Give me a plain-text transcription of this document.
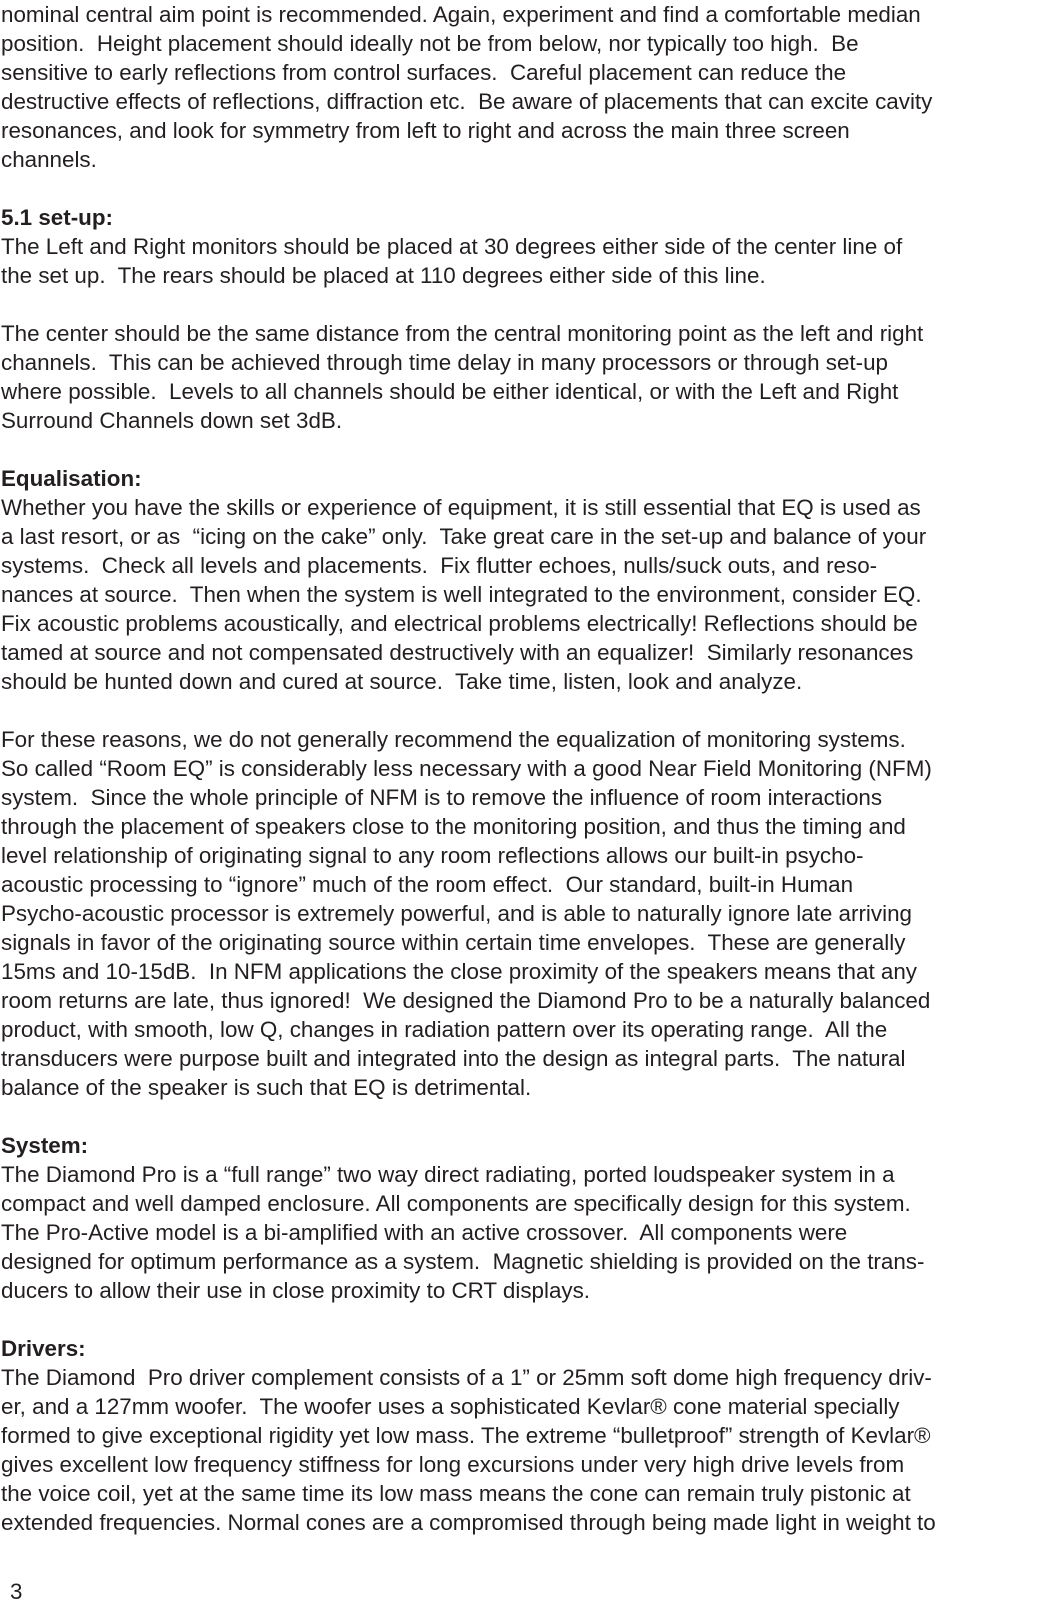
nominal central aim point is recommended. Again, experiment and find a comfortable median
position.  Height placement should ideally not be from below, nor typically too high.  Be
sensitive to early reflections from control surfaces.  Careful placement can reduce the
destructive effects of reflections, diffraction etc.  Be aware of placements that can excite cavity
resonances, and look for symmetry from left to right and across the main three screen
channels.
5.1 set-up:
The Left and Right monitors should be placed at 30 degrees either side of the center line of
the set up.  The rears should be placed at 110 degrees either side of this line.
The center should be the same distance from the central monitoring point as the left and right
channels.  This can be achieved through time delay in many processors or through set-up
where possible.  Levels to all channels should be either identical, or with the Left and Right
Surround Channels down set 3dB.
Equalisation:
Whether you have the skills or experience of equipment, it is still essential that EQ is used as
a last resort, or as  “icing on the cake” only.  Take great care in the set-up and balance of your
systems.  Check all levels and placements.  Fix flutter echoes, nulls/suck outs, and reso-
nances at source.  Then when the system is well integrated to the environment, consider EQ.
Fix acoustic problems acoustically, and electrical problems electrically! Reflections should be
tamed at source and not compensated destructively with an equalizer!  Similarly resonances
should be hunted down and cured at source.  Take time, listen, look and analyze.
For these reasons, we do not generally recommend the equalization of monitoring systems.
So called “Room EQ” is considerably less necessary with a good Near Field Monitoring (NFM)
system.  Since the whole principle of NFM is to remove the influence of room interactions
through the placement of speakers close to the monitoring position, and thus the timing and
level relationship of originating signal to any room reflections allows our built-in psycho-
acoustic processing to “ignore” much of the room effect.  Our standard, built-in Human
Psycho-acoustic processor is extremely powerful, and is able to naturally ignore late arriving
signals in favor of the originating source within certain time envelopes.  These are generally
15ms and 10-15dB.  In NFM applications the close proximity of the speakers means that any
room returns are late, thus ignored!  We designed the Diamond Pro to be a naturally balanced
product, with smooth, low Q, changes in radiation pattern over its operating range.  All the
transducers were purpose built and integrated into the design as integral parts.  The natural
balance of the speaker is such that EQ is detrimental.
System:
The Diamond Pro is a “full range” two way direct radiating, ported loudspeaker system in a
compact and well damped enclosure. All components are specifically design for this system.
The Pro-Active model is a bi-amplified with an active crossover.  All components were
designed for optimum performance as a system.  Magnetic shielding is provided on the trans-
ducers to allow their use in close proximity to CRT displays.
Drivers:
The Diamond  Pro driver complement consists of a 1” or 25mm soft dome high frequency driv-
er, and a 127mm woofer.  The woofer uses a sophisticated Kevlar® cone material specially
formed to give exceptional rigidity yet low mass. The extreme “bulletproof” strength of Kevlar®
gives excellent low frequency stiffness for long excursions under very high drive levels from
the voice coil, yet at the same time its low mass means the cone can remain truly pistonic at
extended frequencies. Normal cones are a compromised through being made light in weight to
3
